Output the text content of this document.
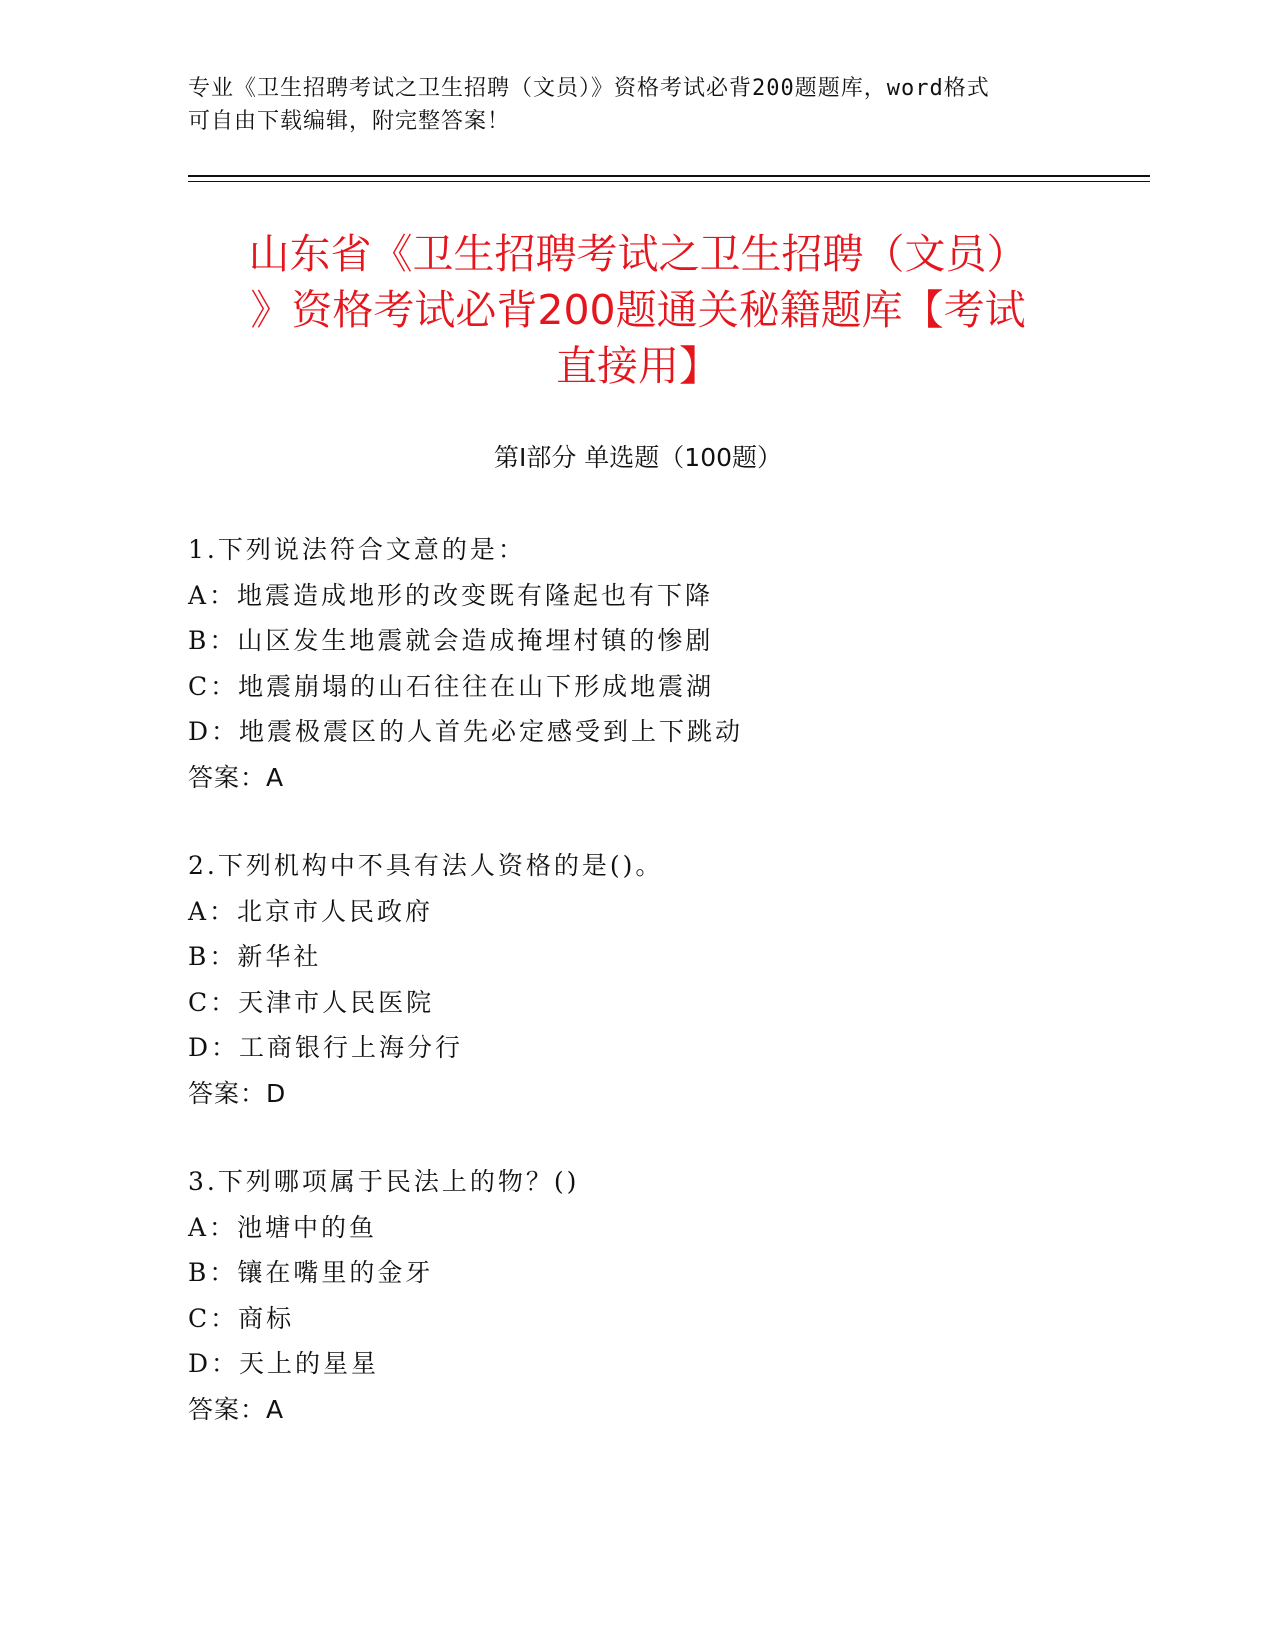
专业《卫生招聘考试之卫生招聘（文员）》资格考试必背200题题库，word格式

可自由下载编辑，附完整答案！

山东省《卫生招聘考试之卫生招聘（文员）
》资格考试必背200题通关秘籍题库【考试
直接用】
第Ⅰ部分 单选题（100题）
1.下列说法符合文意的是：
A：地震造成地形的改变既有隆起也有下降
B：山区发生地震就会造成掩埋村镇的惨剧
C：地震崩塌的山石往往在山下形成地震湖
D：地震极震区的人首先必定感受到上下跳动
答案：A
2.下列机构中不具有法人资格的是()。
A：北京市人民政府
B：新华社
C：天津市人民医院
D：工商银行上海分行
答案：D
3.下列哪项属于民法上的物？()
A：池塘中的鱼
B：镶在嘴里的金牙
C：商标
D：天上的星星
答案：A
